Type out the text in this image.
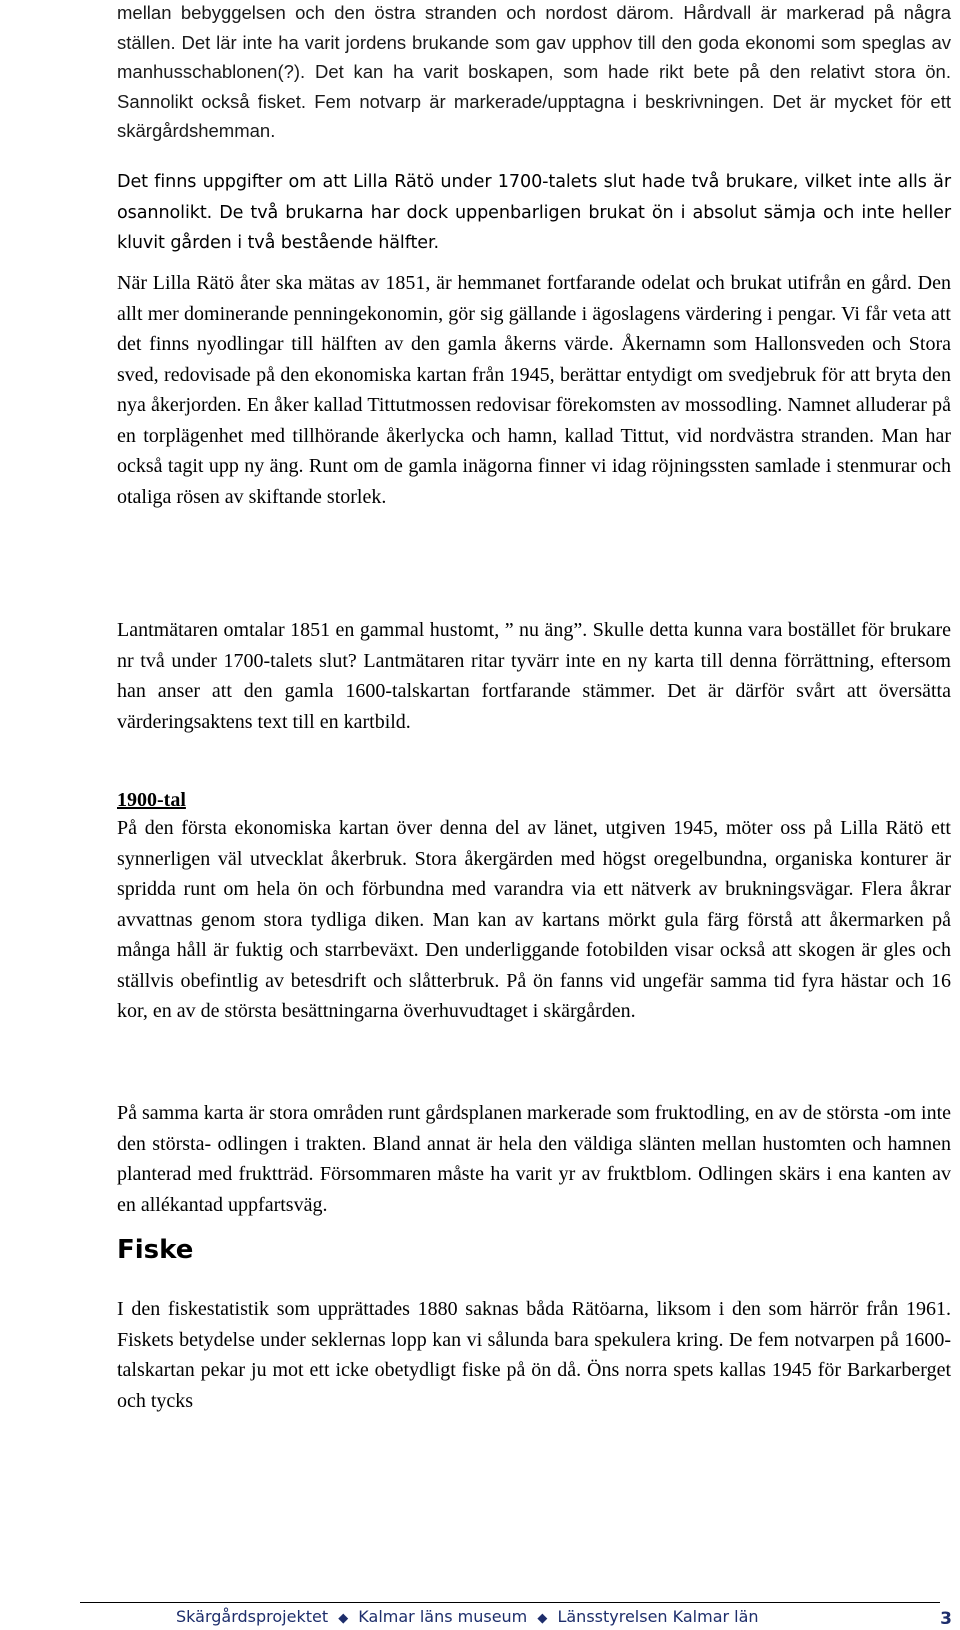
mellan bebyggelsen och den östra stranden och nordost därom. Hårdvall är markerad på några ställen. Det lär inte ha varit jordens brukande som gav upphov till den goda ekonomi som speglas av manhusschablonen(?). Det kan ha varit boskapen, som hade rikt bete på den relativt stora ön. Sannolikt också fisket. Fem notvarp är markerade/upptagna i beskrivningen. Det är mycket för ett skärgårdshemman.

Det finns uppgifter om att Lilla Rätö under 1700-talets slut hade två brukare, vilket inte alls är osannolikt. De två brukarna har dock uppenbarligen brukat ön i absolut sämja och inte heller kluvit gården i två bestående hälfter.

När Lilla Rätö åter ska mätas av 1851, är hemmanet fortfarande odelat och brukat utifrån en gård. Den allt mer dominerande penningekonomin, gör sig gällande i ägoslagens värdering i pengar. Vi får veta att det finns nyodlingar till hälften av den gamla åkerns värde. Åkernamn som Hallonsveden och Stora sved, redovisade på den ekonomiska kartan från 1945, berättar entydigt om svedjebruk för att bryta den nya åkerjorden. En åker kallad Tittutmossen redovisar förekomsten av mossodling. Namnet alluderar på en torplägenhet med tillhörande åkerlycka och hamn, kallad Tittut, vid nordvästra stranden. Man har också tagit upp ny äng. Runt om de gamla inägorna finner vi idag röjningssten samlade i stenmurar och otaliga rösen av skiftande storlek.

Lantmätaren omtalar 1851 en gammal hustomt, ” nu äng”. Skulle detta kunna vara bostället för brukare nr två under 1700-talets slut? Lantmätaren ritar tyvärr inte en ny karta till denna förrättning, eftersom han anser att den gamla 1600-talskartan fortfarande stämmer. Det är därför svårt att översätta värderingsaktens text till en kartbild.

1900-tal

På den första ekonomiska kartan över denna del av länet, utgiven 1945, möter oss på Lilla Rätö ett synnerligen väl utvecklat åkerbruk. Stora åkergärden med högst oregelbundna, organiska konturer är spridda runt om hela ön och förbundna med varandra via ett nätverk av brukningsvägar. Flera åkrar avvattnas genom stora tydliga diken. Man kan av kartans mörkt gula färg förstå att åkermarken på många håll är fuktig och starrbeväxt. Den underliggande fotobilden visar också att skogen är gles och ställvis obefintlig av betesdrift och slåtterbruk. På ön fanns vid ungefär samma tid fyra hästar och 16 kor, en av de största besättningarna överhuvudtaget i skärgården.

På samma karta är stora områden runt gårdsplanen markerade som fruktodling, en av de största -om inte den största- odlingen i trakten. Bland annat är hela den väldiga slänten mellan hustomten och hamnen planterad med fruktträd. Försommaren måste ha varit yr av fruktblom. Odlingen skärs i ena kanten av en allékantad uppfartsväg.

Fiske

I den fiskestatistik som upprättades 1880 saknas båda Rätöarna, liksom i den som härrör från 1961. Fiskets betydelse under seklernas lopp kan vi sålunda bara spekulera kring. De fem notvarpen på 1600-talskartan pekar ju mot ett icke obetydligt fiske på ön då. Öns norra spets kallas 1945 för Barkarberget och tycks

Skärgårdsprojektet ◆ Kalmar läns museum ◆ Länsstyrelsen Kalmar län	3
